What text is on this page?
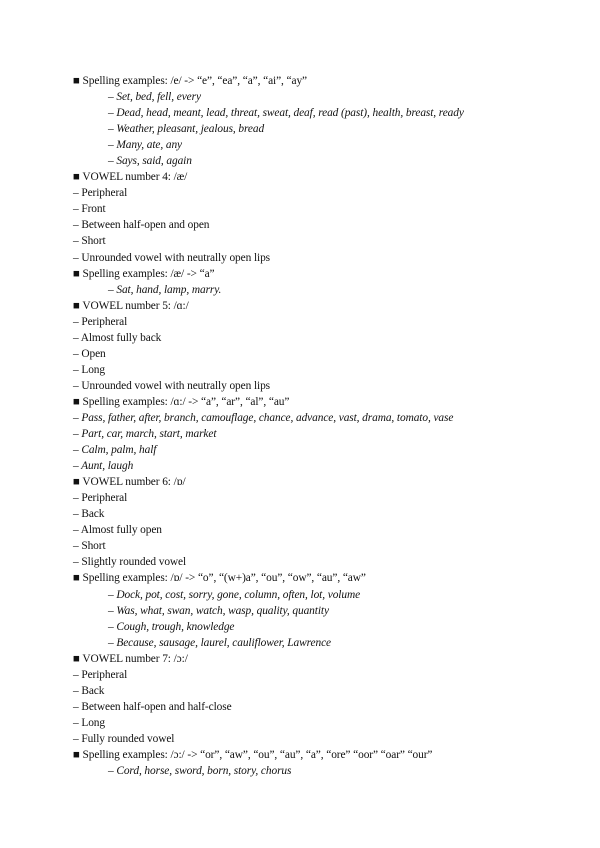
■ Spelling examples: /e/ -> “e”, “ea”, “a”, “ai”, “ay”
– Set, bed, fell, every
– Dead, head, meant, lead, threat, sweat, deaf, read (past), health, breast, ready
– Weather, pleasant, jealous, bread
– Many, ate, any
– Says, said, again
■ VOWEL number 4: /æ/
– Peripheral
– Front
– Between half-open and open
– Short
– Unrounded vowel with neutrally open lips
■ Spelling examples: /æ/ -> “a”
– Sat, hand, lamp, marry.
■ VOWEL number 5: /ɑ:/
– Peripheral
– Almost fully back
– Open
– Long
– Unrounded vowel with neutrally open lips
■ Spelling examples: /ɑ:/ -> “a”, “ar”, “al”, “au”
– Pass, father, after, branch, camouflage, chance, advance, vast, drama, tomato, vase
– Part, car, march, start, market
– Calm, palm, half
– Aunt, laugh
■ VOWEL number 6: /ɒ/
– Peripheral
– Back
– Almost fully open
– Short
– Slightly rounded vowel
■ Spelling examples: /ɒ/ -> “o”, “(w+)a”, “ou”, “ow”, “au”, “aw”
– Dock, pot, cost, sorry, gone, column, often, lot, volume
– Was, what, swan, watch, wasp, quality, quantity
– Cough, trough, knowledge
– Because, sausage, laurel, cauliflower, Lawrence
■ VOWEL number 7: /ɔ:/
– Peripheral
– Back
– Between half-open and half-close
– Long
– Fully rounded vowel
■ Spelling examples: /ɔ:/ -> “or”, “aw”, “ou”, “au”, “a”, “ore” “oor” “oar” “our”
– Cord, horse, sword, born, story, chorus
